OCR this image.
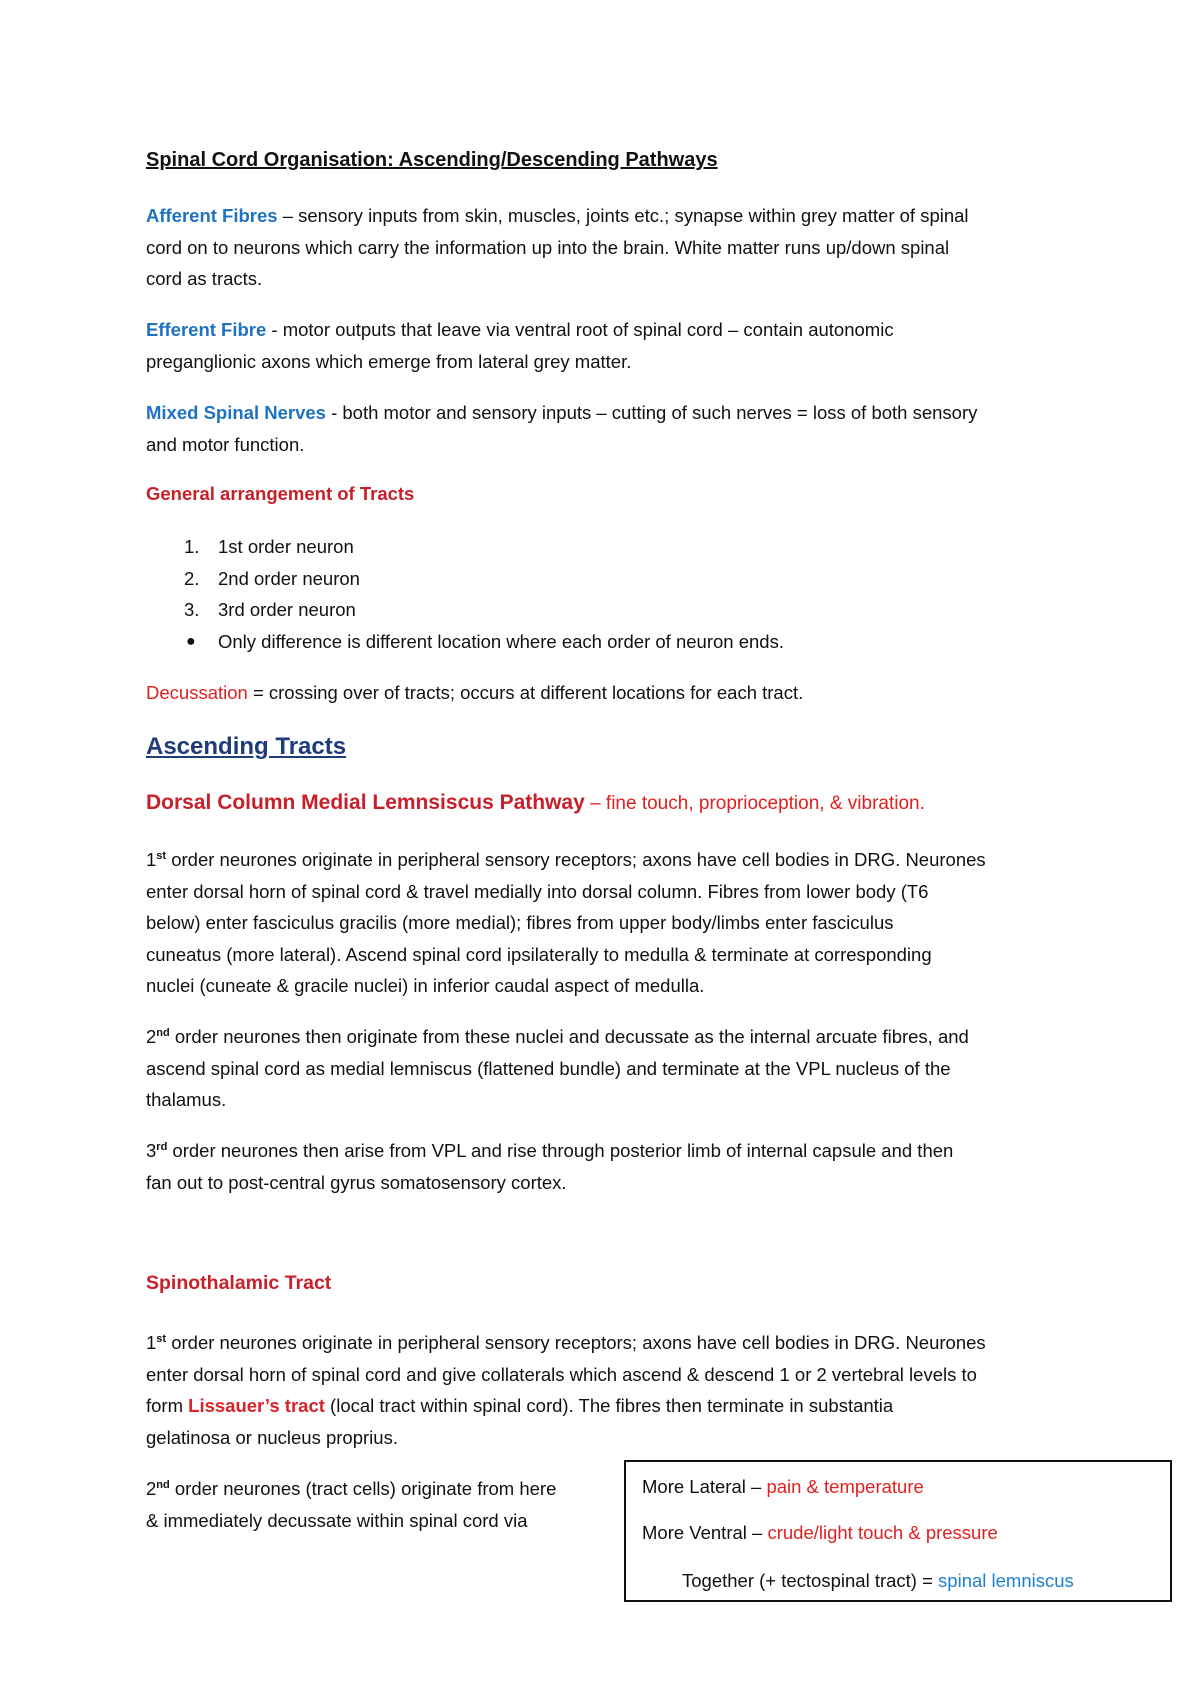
Spinal Cord Organisation: Ascending/Descending Pathways

Afferent Fibres – sensory inputs from skin, muscles, joints etc.; synapse within grey matter of spinal
cord on to neurons which carry the information up into the brain. White matter runs up/down spinal
cord as tracts.
Efferent Fibre - motor outputs that leave via ventral root of spinal cord – contain autonomic
preganglionic axons which emerge from lateral grey matter.
Mixed Spinal Nerves - both motor and sensory inputs – cutting of such nerves = loss of both sensory
and motor function.

General arrangement of Tracts

1. 1st order neuron
2. 2nd order neuron
3. 3rd order neuron
● Only difference is different location where each order of neuron ends.
Decussation = crossing over of tracts; occurs at different locations for each tract.
Ascending Tracts
Dorsal Column Medial Lemnsiscus Pathway – fine touch, proprioception, & vibration.
1st order neurones originate in peripheral sensory receptors; axons have cell bodies in DRG. Neurones
enter dorsal horn of spinal cord & travel medially into dorsal column. Fibres from lower body (T6
below) enter fasciculus gracilis (more medial); fibres from upper body/limbs enter fasciculus
cuneatus (more lateral). Ascend spinal cord ipsilaterally to medulla & terminate at corresponding
nuclei (cuneate & gracile nuclei) in inferior caudal aspect of medulla.
2nd order neurones then originate from these nuclei and decussate as the internal arcuate fibres, and
ascend spinal cord as medial lemniscus (flattened bundle) and terminate at the VPL nucleus of the
thalamus.
3rd order neurones then arise from VPL and rise through posterior limb of internal capsule and then
fan out to post-central gyrus somatosensory cortex.

Spinothalamic Tract

1st order neurones originate in peripheral sensory receptors; axons have cell bodies in DRG. Neurones
enter dorsal horn of spinal cord and give collaterals which ascend & descend 1 or 2 vertebral levels to
form Lissauer’s tract (local tract within spinal cord). The fibres then terminate in substantia
gelatinosa or nucleus proprius.
2nd order neurones (tract cells) originate from here
& immediately decussate within spinal cord via
More Lateral – pain & temperature
More Ventral – crude/light touch & pressure
Together (+ tectospinal tract) = spinal lemniscus
